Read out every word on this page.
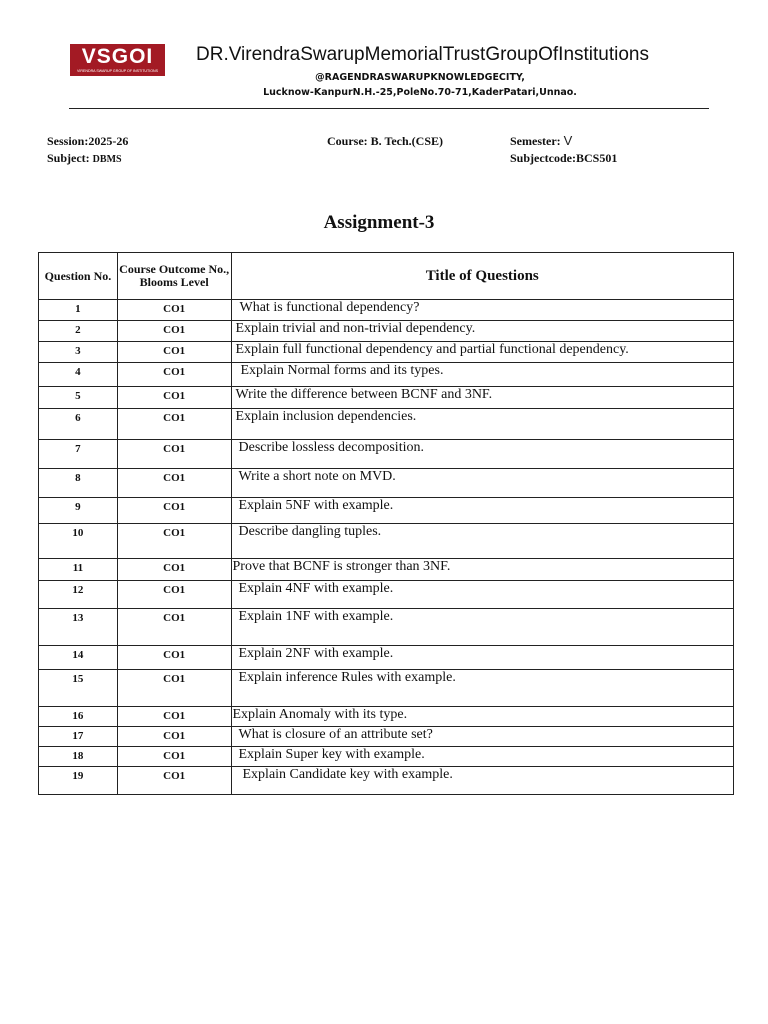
VSGOI
VIRENDRA SWARUP GROUP OF INSTITUTIONS
DR.VirendraSwarupMemorialTrustGroupOfInstitutions
@RAGENDRASWARUPKNOWLEDGECITY,
Lucknow-KanpurN.H.-25,PoleNo.70-71,KaderPatari,Unnao.
Session:2025-26
Subject: DBMS
Course: B. Tech.(CSE)	Semester: V
Subjectcode:BCS501
Assignment-3
Question No.	Course Outcome No., Blooms Level	Title of Questions
1	CO1	What is functional dependency?
2	CO1	Explain trivial and non-trivial dependency.
3	CO1	Explain full functional dependency and partial functional dependency.
4	CO1	Explain Normal forms and its types.
5	CO1	Write the difference between BCNF and 3NF.
6	CO1	Explain inclusion dependencies.
7	CO1	Describe lossless decomposition.
8	CO1	Write a short note on MVD.
9	CO1	Explain 5NF with example.
10	CO1	Describe dangling tuples.
11	CO1	Prove that BCNF is stronger than 3NF.
12	CO1	Explain 4NF with example.
13	CO1	Explain 1NF with example.
14	CO1	Explain 2NF with example.
15	CO1	Explain inference Rules with example.
16	CO1	Explain Anomaly with its type.
17	CO1	What is closure of an attribute set?
18	CO1	Explain Super key with example.
19	CO1	Explain Candidate key with example.
